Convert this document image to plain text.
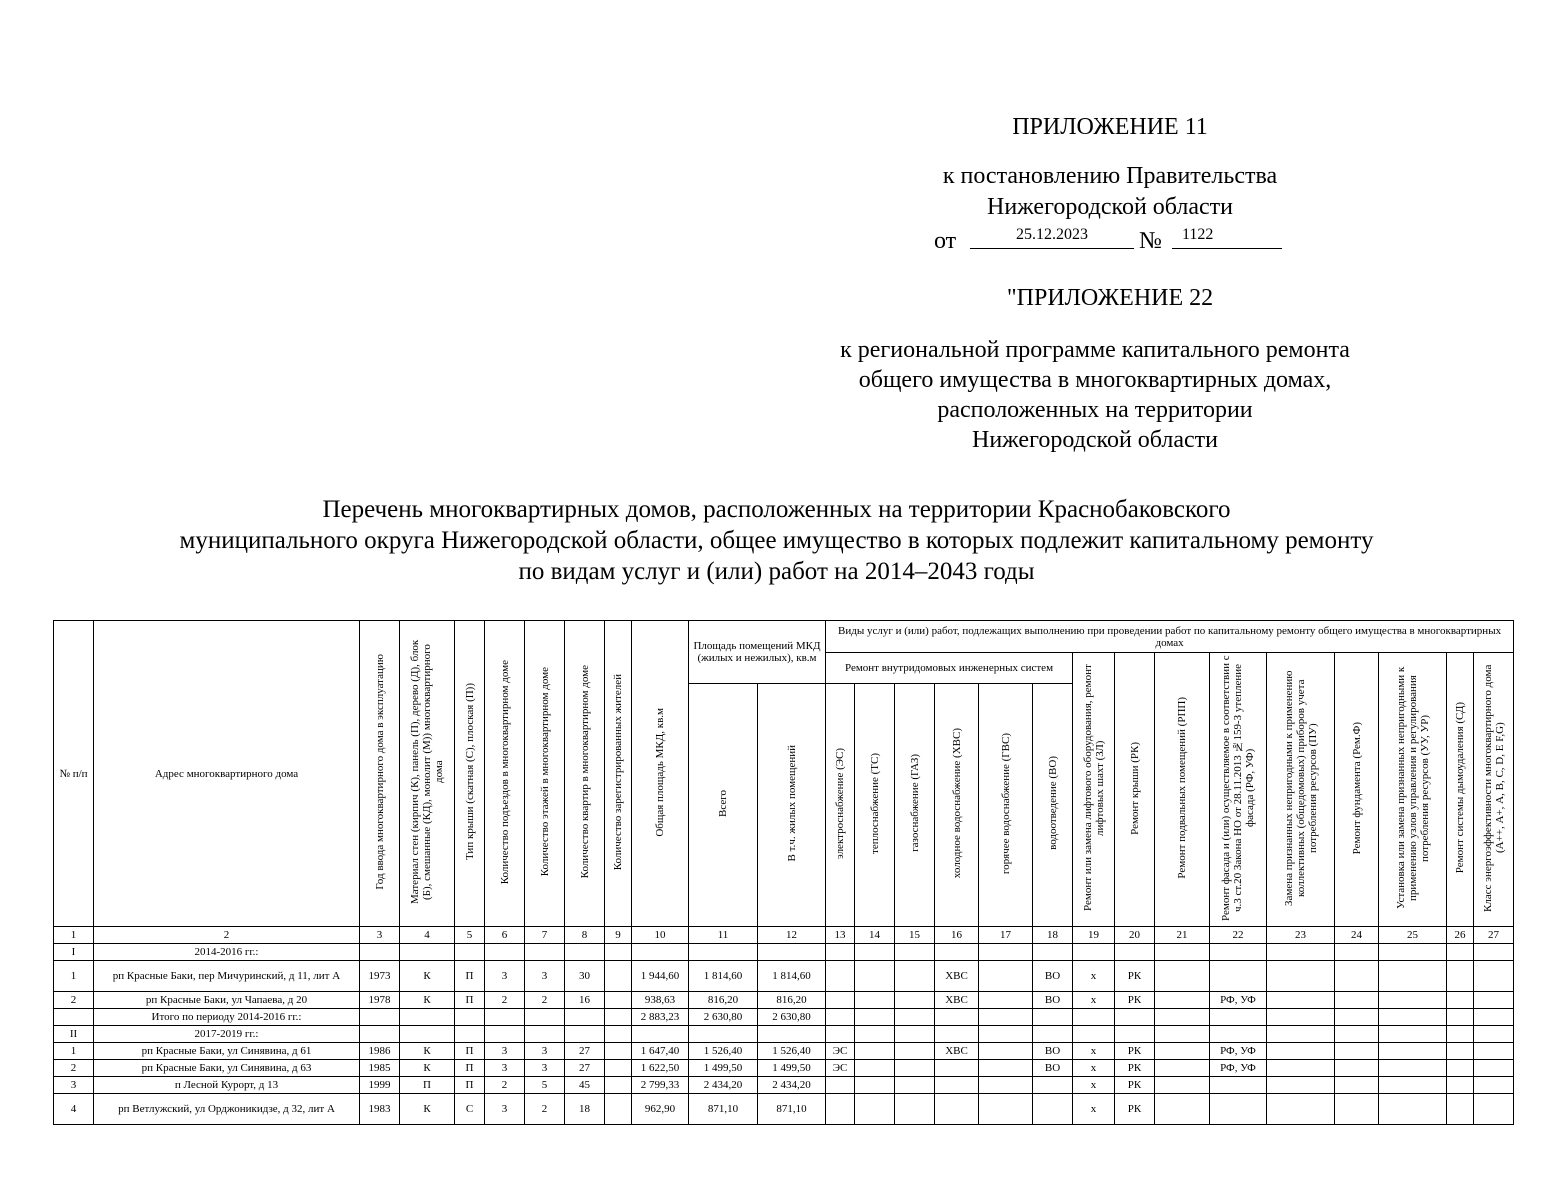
ПРИЛОЖЕНИЕ 11
к постановлению Правительства
Нижегородской области
от	25.12.2023	№	1122
"ПРИЛОЖЕНИЕ 22
к региональной программе капитального ремонта
общего имущества в многоквартирных домах,
расположенных на территории
Нижегородской области
Перечень многоквартирных домов, расположенных на территории Краснобаковского
муниципального округа Нижегородской области, общее имущество в которых подлежит капитальному ремонту
по видам услуг и (или) работ на 2014–2043 годы
№ п/п	Адрес многоквартирного дома	Год ввода многоквартирного дома в эксплуатацию	Материал стен (кирпич (К), панель (П), дерево (Д), блок (Б), смешанные (КД), монолит (М)) многоквартирного дома	Тип крыши (скатная (С), плоская (П))	Количество подъездов в многоквартирном доме	Количество этажей в многоквартирном доме	Количество квартир в многоквартирном доме	Количество зарегистрированных жителей	Общая площадь МКД, кв.м	Площадь помещений МКД (жилых и нежилых), кв.м		Виды услуг и (или) работ, подлежащих выполнению при проведении работ по капитальному ремонту общего имущества в многоквартирных домах														
												Ремонт внутридомовых инженерных систем						Ремонт или замена лифтового оборудования, ремонт лифтовых шахт (ЗЛ)	Ремонт крыши (РК)	Ремонт подвальных помещений (РПП)	Ремонт фасада и (или) осуществляемое в соответствии с ч.3 ст.20 Закона НО от 28.11.2013 №159-З утепление фасада (РФ, УФ)	Замена признанных непригодными к применению коллективных (общедомовых) приборов учета потребления ресурсов (ПУ)	Ремонт фундамента (Рем.Ф)	Установка или замена признанных непригодными к применению узлов управления и регулирования потребления ресурсов (УУ, УР)	Ремонт системы дымоудаления (СД)	Класс энергоэффективности многоквартирного дома (А++, А+, А, B, C, D, E F,G)
										Всего	В т.ч. жилых помещений	электроснабжение (ЭС)	теплоснабжение (ТС)	газоснабжение (ГАЗ)	холодное водоснабжение (ХВС)	горячее водоснабжение (ГВС)	водоотведение (ВО)									
1	2	3	4	5	6	7	8	9	10	11	12	13	14	15	16	17	18	19	20	21	22	23	24	25	26	27
I	2014-2016 гг.:																									
1	рп Красные Баки, пер Мичуринский, д 11, лит А	1973	К	П	3	3	30		1 944,60	1 814,60	1 814,60				ХВС		ВО	х	РК							
2	рп Красные Баки, ул Чапаева, д 20	1978	К	П	2	2	16		938,63	816,20	816,20				ХВС		ВО	х	РК		РФ, УФ					
	Итого по периоду 2014-2016 гг.:								2 883,23	2 630,80	2 630,80															
II	2017-2019 гг.:																									
1	рп Красные Баки, ул Синявина, д 61	1986	К	П	3	3	27		1 647,40	1 526,40	1 526,40	ЭС			ХВС		ВО	х	РК		РФ, УФ					
2	рп Красные Баки, ул Синявина, д 63	1985	К	П	3	3	27		1 622,50	1 499,50	1 499,50	ЭС					ВО	х	РК		РФ, УФ					
3	п Лесной Курорт, д 13	1999	П	П	2	5	45		2 799,33	2 434,20	2 434,20							х	РК							
4	рп Ветлужский, ул Орджоникидзе, д 32, лит А	1983	К	С	3	2	18		962,90	871,10	871,10							х	РК							
